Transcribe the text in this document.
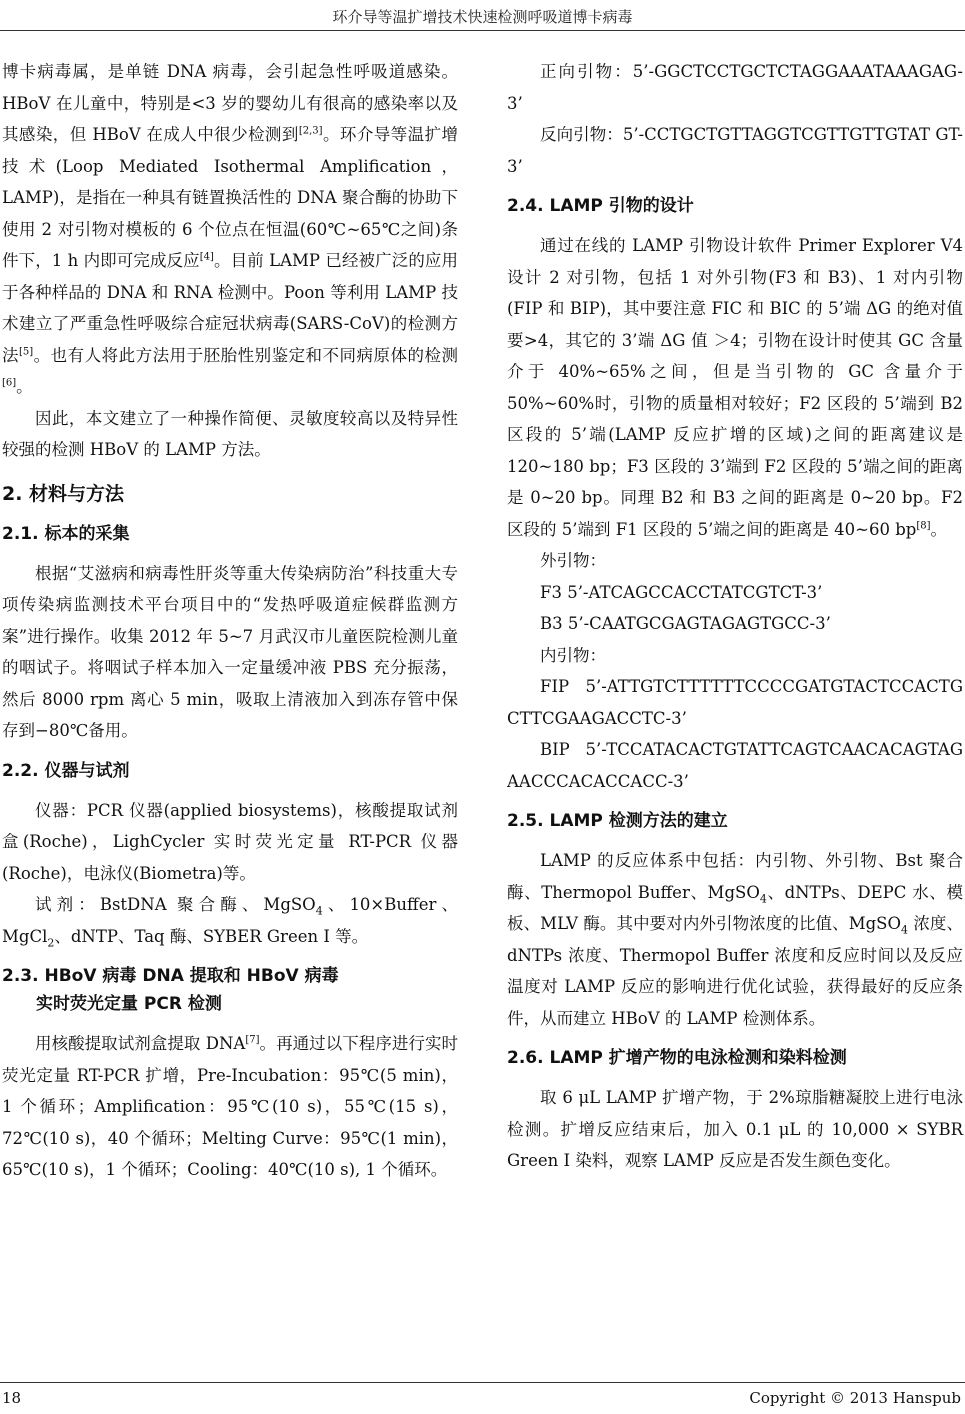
环介导等温扩增技术快速检测呼吸道博卡病毒

博卡病毒属，是单链 DNA 病毒，会引起急性呼吸道感染。HBoV 在儿童中，特别是<3 岁的婴幼儿有很高的感染率以及其感染，但 HBoV 在成人中很少检测到[2,3]。环介导等温扩增技术(Loop Mediated Isothermal Amplification，LAMP)，是指在一种具有链置换活性的 DNA 聚合酶的协助下使用 2 对引物对模板的 6 个位点在恒温(60℃~65℃之间)条件下，1 h 内即可完成反应[4]。目前 LAMP 已经被广泛的应用于各种样品的 DNA 和 RNA 检测中。Poon 等利用 LAMP 技术建立了严重急性呼吸综合症冠状病毒(SARS-CoV)的检测方法[5]。也有人将此方法用于胚胎性别鉴定和不同病原体的检测[6]。

因此，本文建立了一种操作简便、灵敏度较高以及特异性较强的检测 HBoV 的 LAMP 方法。

2. 材料与方法
2.1. 标本的采集

根据“艾滋病和病毒性肝炎等重大传染病防治”科技重大专项传染病监测技术平台项目中的“发热呼吸道症候群监测方案”进行操作。收集 2012 年 5~7 月武汉市儿童医院检测儿童的咽试子。将咽试子样本加入一定量缓冲液 PBS 充分振荡，然后 8000 rpm 离心 5 min，吸取上清液加入到冻存管中保存到−80℃备用。

2.2. 仪器与试剂

仪器：PCR 仪器(applied biosystems)，核酸提取试剂盒(Roche)，LighCycler 实时荧光定量 RT-PCR 仪器(Roche)，电泳仪(Biometra)等。

试剂：BstDNA 聚合酶、MgSO$_4$、10×Buffer、MgCl$_2$、dNTP、Taq 酶、SYBER Green I 等。

2.3. HBoV 病毒 DNA 提取和 HBoV 病毒
实时荧光定量 PCR 检测

用核酸提取试剂盒提取 DNA[7]。再通过以下程序进行实时荧光定量 RT-PCR 扩增，Pre-Incubation：95℃(5 min)，1 个循环；Amplification：95℃(10 s)，55℃(15 s)，72℃(10 s)，40 个循环；Melting Curve：95℃(1 min)，65℃(10 s)，1 个循环；Cooling：40℃(10 s), 1 个循环。

正向引物：5’-GGCTCCTGCTCTAGGAAATAAAGAG-3’

反向引物：5’-CCTGCTGTTAGGTCGTTGTTGTAT GT-3’

2.4. LAMP 引物的设计

通过在线的 LAMP 引物设计软件 Primer Explorer V4 设计 2 对引物，包括 1 对外引物(F3 和 B3)、1 对内引物(FIP 和 BIP)，其中要注意 FIC 和 BIC 的 5’端 ΔG 的绝对值要>4，其它的 3’端 ΔG 值 ＞4；引物在设计时使其 GC 含量介于 40%~65%之间，但是当引物的 GC 含量介于 50%~60%时，引物的质量相对较好；F2 区段的 5’端到 B2 区段的 5’端(LAMP 反应扩增的区域)之间的距离建议是 120~180 bp；F3 区段的 3’端到 F2 区段的 5’端之间的距离是 0~20 bp。同理 B2 和 B3 之间的距离是 0~20 bp。F2 区段的 5’端到 F1 区段的 5’端之间的距离是 40~60 bp[8]。

外引物：

F3 5’-ATCAGCCACCTATCGTCT-3’

B3 5’-CAATGCGAGTAGAGTGCC-3’

内引物：

FIP 5’-ATTGTCTTTTTTCCCCGATGTACTCCACTGCTTCGAAGACCTC-3’

BIP 5’-TCCATACACTGTATTCAGTCAACACAGTAGAACCCACACCACC-3’

2.5. LAMP 检测方法的建立

LAMP 的反应体系中包括：内引物、外引物、Bst 聚合酶、Thermopol Buffer、MgSO$_4$、dNTPs、DEPC 水、模板、MLV 酶。其中要对内外引物浓度的比值、MgSO$_4$ 浓度、dNTPs 浓度、Thermopol Buffer 浓度和反应时间以及反应温度对 LAMP 反应的影响进行优化试验，获得最好的反应条件，从而建立 HBoV 的 LAMP 检测体系。

2.6. LAMP 扩增产物的电泳检测和染料检测

取 6 μL LAMP 扩增产物，于 2%琼脂糖凝胶上进行电泳检测。扩增反应结束后，加入 0.1 μL 的 10,000 × SYBR Green I 染料，观察 LAMP 反应是否发生颜色变化。

18	Copyright © 2013 Hanspub
